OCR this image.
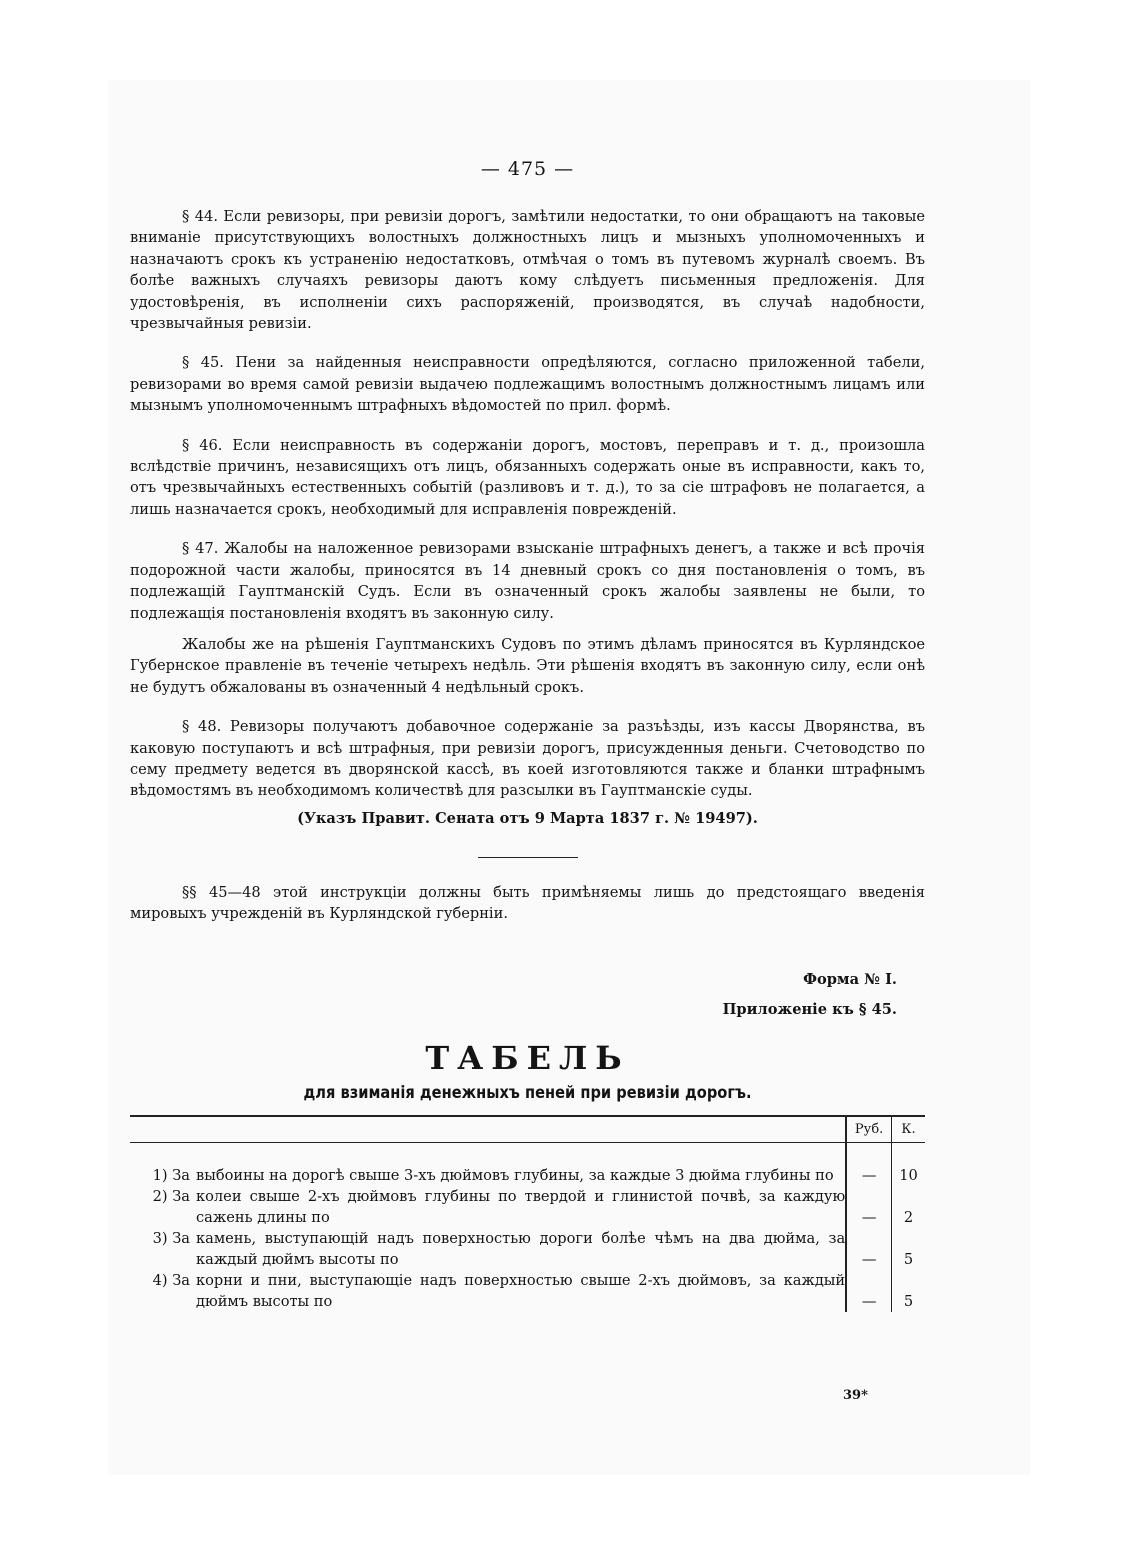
— 475 —

§ 44. Если ревизоры, при ревизіи дорогъ, замѣтили недостатки, то они обращаютъ на таковые вниманіе присутствующихъ волостныхъ должностныхъ лицъ и мызныхъ уполномоченныхъ и назначаютъ срокъ къ устраненію недостатковъ, отмѣчая о томъ въ путевомъ журналѣ своемъ. Въ болѣе важныхъ случаяхъ ревизоры даютъ кому слѣдуетъ письменныя предложенія. Для удостовѣренія, въ исполненіи сихъ распоряженій, производятся, въ случаѣ надобности, чрезвычайныя ревизіи.

§ 45. Пени за найденныя неисправности опредѣляются, согласно приложенной табели, ревизорами во время самой ревизіи выдачею подлежащимъ волостнымъ должностнымъ лицамъ или мызнымъ уполномоченнымъ штрафныхъ вѣдомостей по прил. формѣ.

§ 46. Если неисправность въ содержаніи дорогъ, мостовъ, переправъ и т. д., произошла вслѣдствіе причинъ, независящихъ отъ лицъ, обязанныхъ содержать оные въ исправности, какъ то, отъ чрезвычайныхъ естественныхъ событій (разливовъ и т. д.), то за сіе штрафовъ не полагается, а лишь назначается срокъ, необходимый для исправленія поврежденій.

§ 47. Жалобы на наложенное ревизорами взысканіе штрафныхъ денегъ, а также и всѣ прочія подорожной части жалобы, приносятся въ 14 дневный срокъ со дня постановленія о томъ, въ подлежащій Гауптманскій Судъ. Если въ означенный срокъ жалобы заявлены не были, то подлежащія постановленія входятъ въ законную силу.

Жалобы же на рѣшенія Гауптманскихъ Судовъ по этимъ дѣламъ приносятся въ Курляндское Губернское правленіе въ теченіе четырехъ недѣль. Эти рѣшенія входятъ въ законную силу, если онѣ не будутъ обжалованы въ означенный 4 недѣльный срокъ.

§ 48. Ревизоры получаютъ добавочное содержаніе за разъѣзды, изъ кассы Дворянства, въ каковую поступаютъ и всѣ штрафныя, при ревизіи дорогъ, присужденныя деньги. Счетоводство по сему предмету ведется въ дворянской кассѣ, въ коей изготовляются также и бланки штрафнымъ вѣдомостямъ въ необходимомъ количествѣ для разсылки въ Гауптманскіе суды.

(Указъ Правит. Сената отъ 9 Марта 1837 г. № 19497).

§§ 45—48 этой инструкціи должны быть примѣняемы лишь до предстоящаго введенія мировыхъ учрежденій въ Курляндской губерніи.

Форма № I.

Приложеніе къ § 45.

ТАБЕЛЬ

для взиманія денежныхъ пеней при ревизіи дорогъ.

	Руб.	К.

1) За выбоины на дорогѣ свыше 3-хъ дюймовъ глубины, за каждые 3 дюйма глубины по	—	10

2) За колеи свыше 2-хъ дюймовъ глубины по твердой и глинистой почвѣ, за каждую сажень длины по	—	2

3) За камень, выступающій надъ поверхностью дороги болѣе чѣмъ на два дюйма, за каждый дюймъ высоты по	—	5

4) За корни и пни, выступающіе надъ поверхностью свыше 2-хъ дюймовъ, за каждый дюймъ высоты по	—	5
39*
